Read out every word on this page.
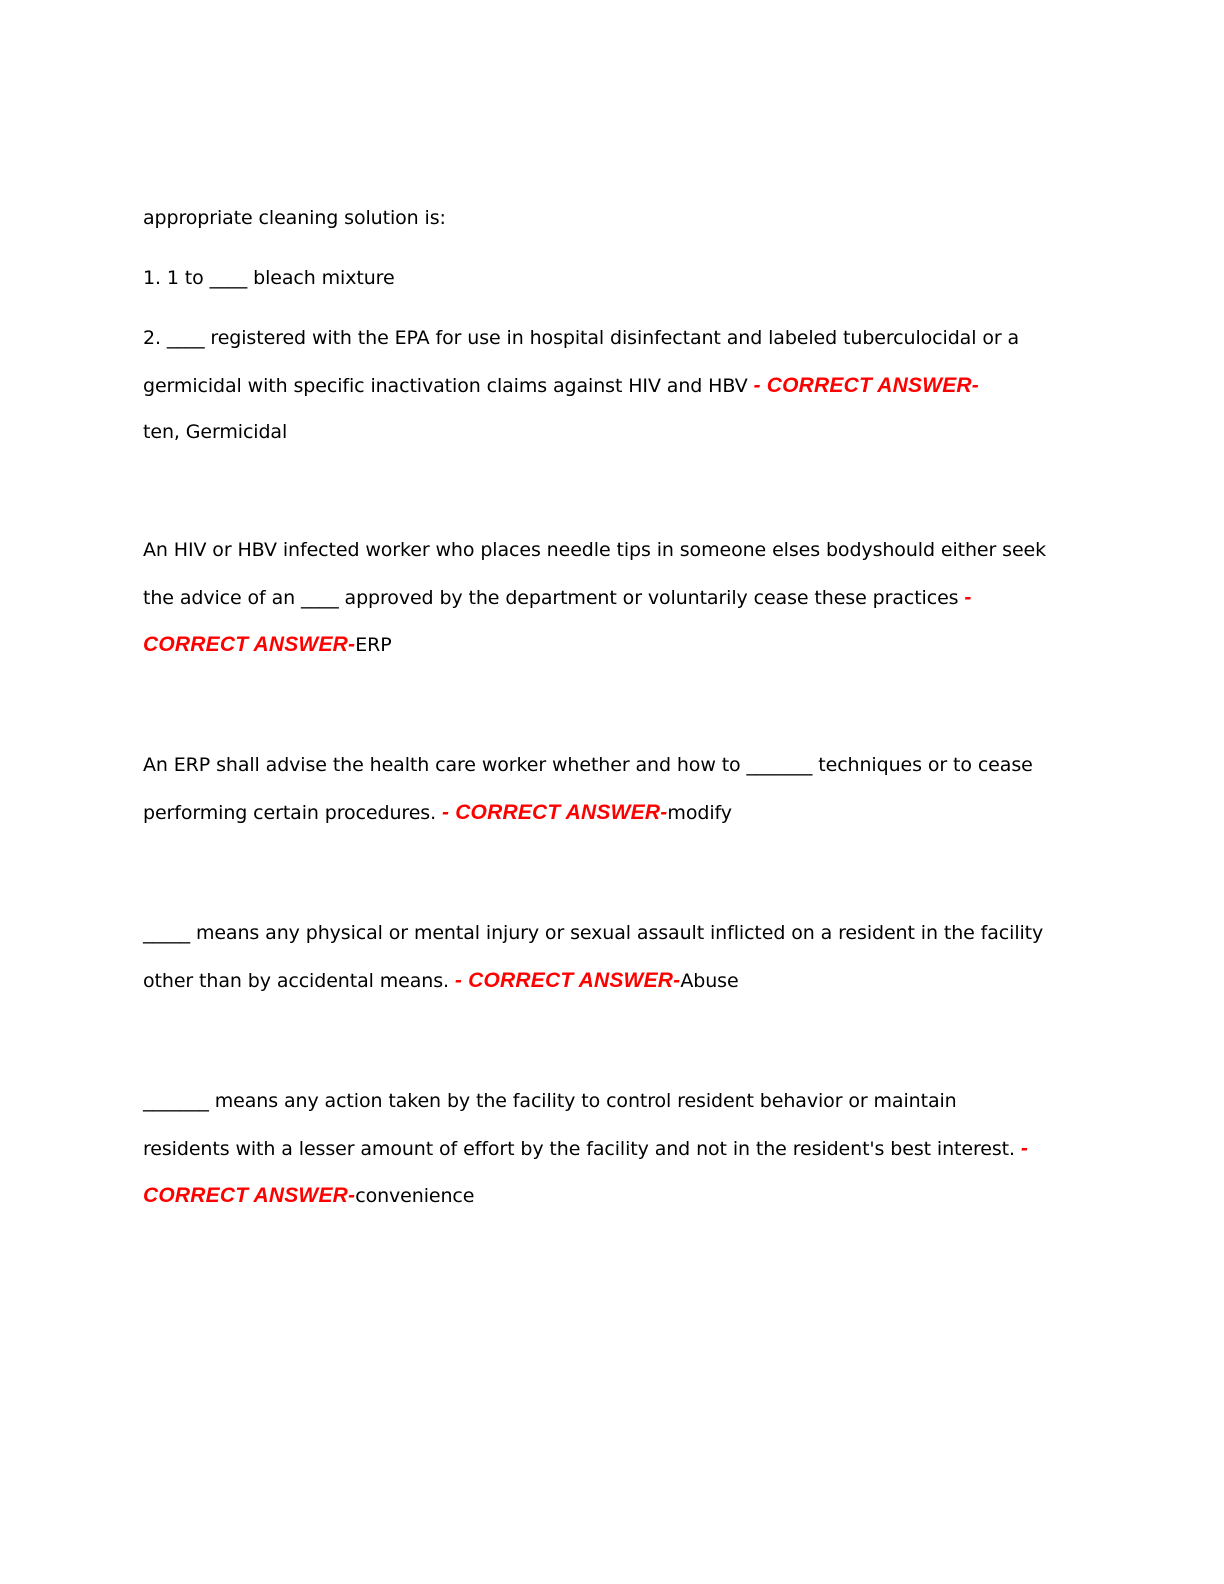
appropriate cleaning solution is:
1. 1 to ____ bleach mixture
2. ____ registered with the EPA for use in hospital disinfectant and labeled tuberculocidal or a
germicidal with specific inactivation claims against HIV and HBV - CORRECT ANSWER-
ten, Germicidal
An HIV or HBV infected worker who places needle tips in someone elses bodyshould either seek
the advice of an ____ approved by the department or voluntarily cease these practices -
CORRECT ANSWER-ERP
An ERP shall advise the health care worker whether and how to _______ techniques or to cease
performing certain procedures. - CORRECT ANSWER-modify
_____ means any physical or mental injury or sexual assault inflicted on a resident in the facility
other than by accidental means. - CORRECT ANSWER-Abuse
_______ means any action taken by the facility to control resident behavior or maintain
residents with a lesser amount of effort by the facility and not in the resident's best interest. -
CORRECT ANSWER-convenience
